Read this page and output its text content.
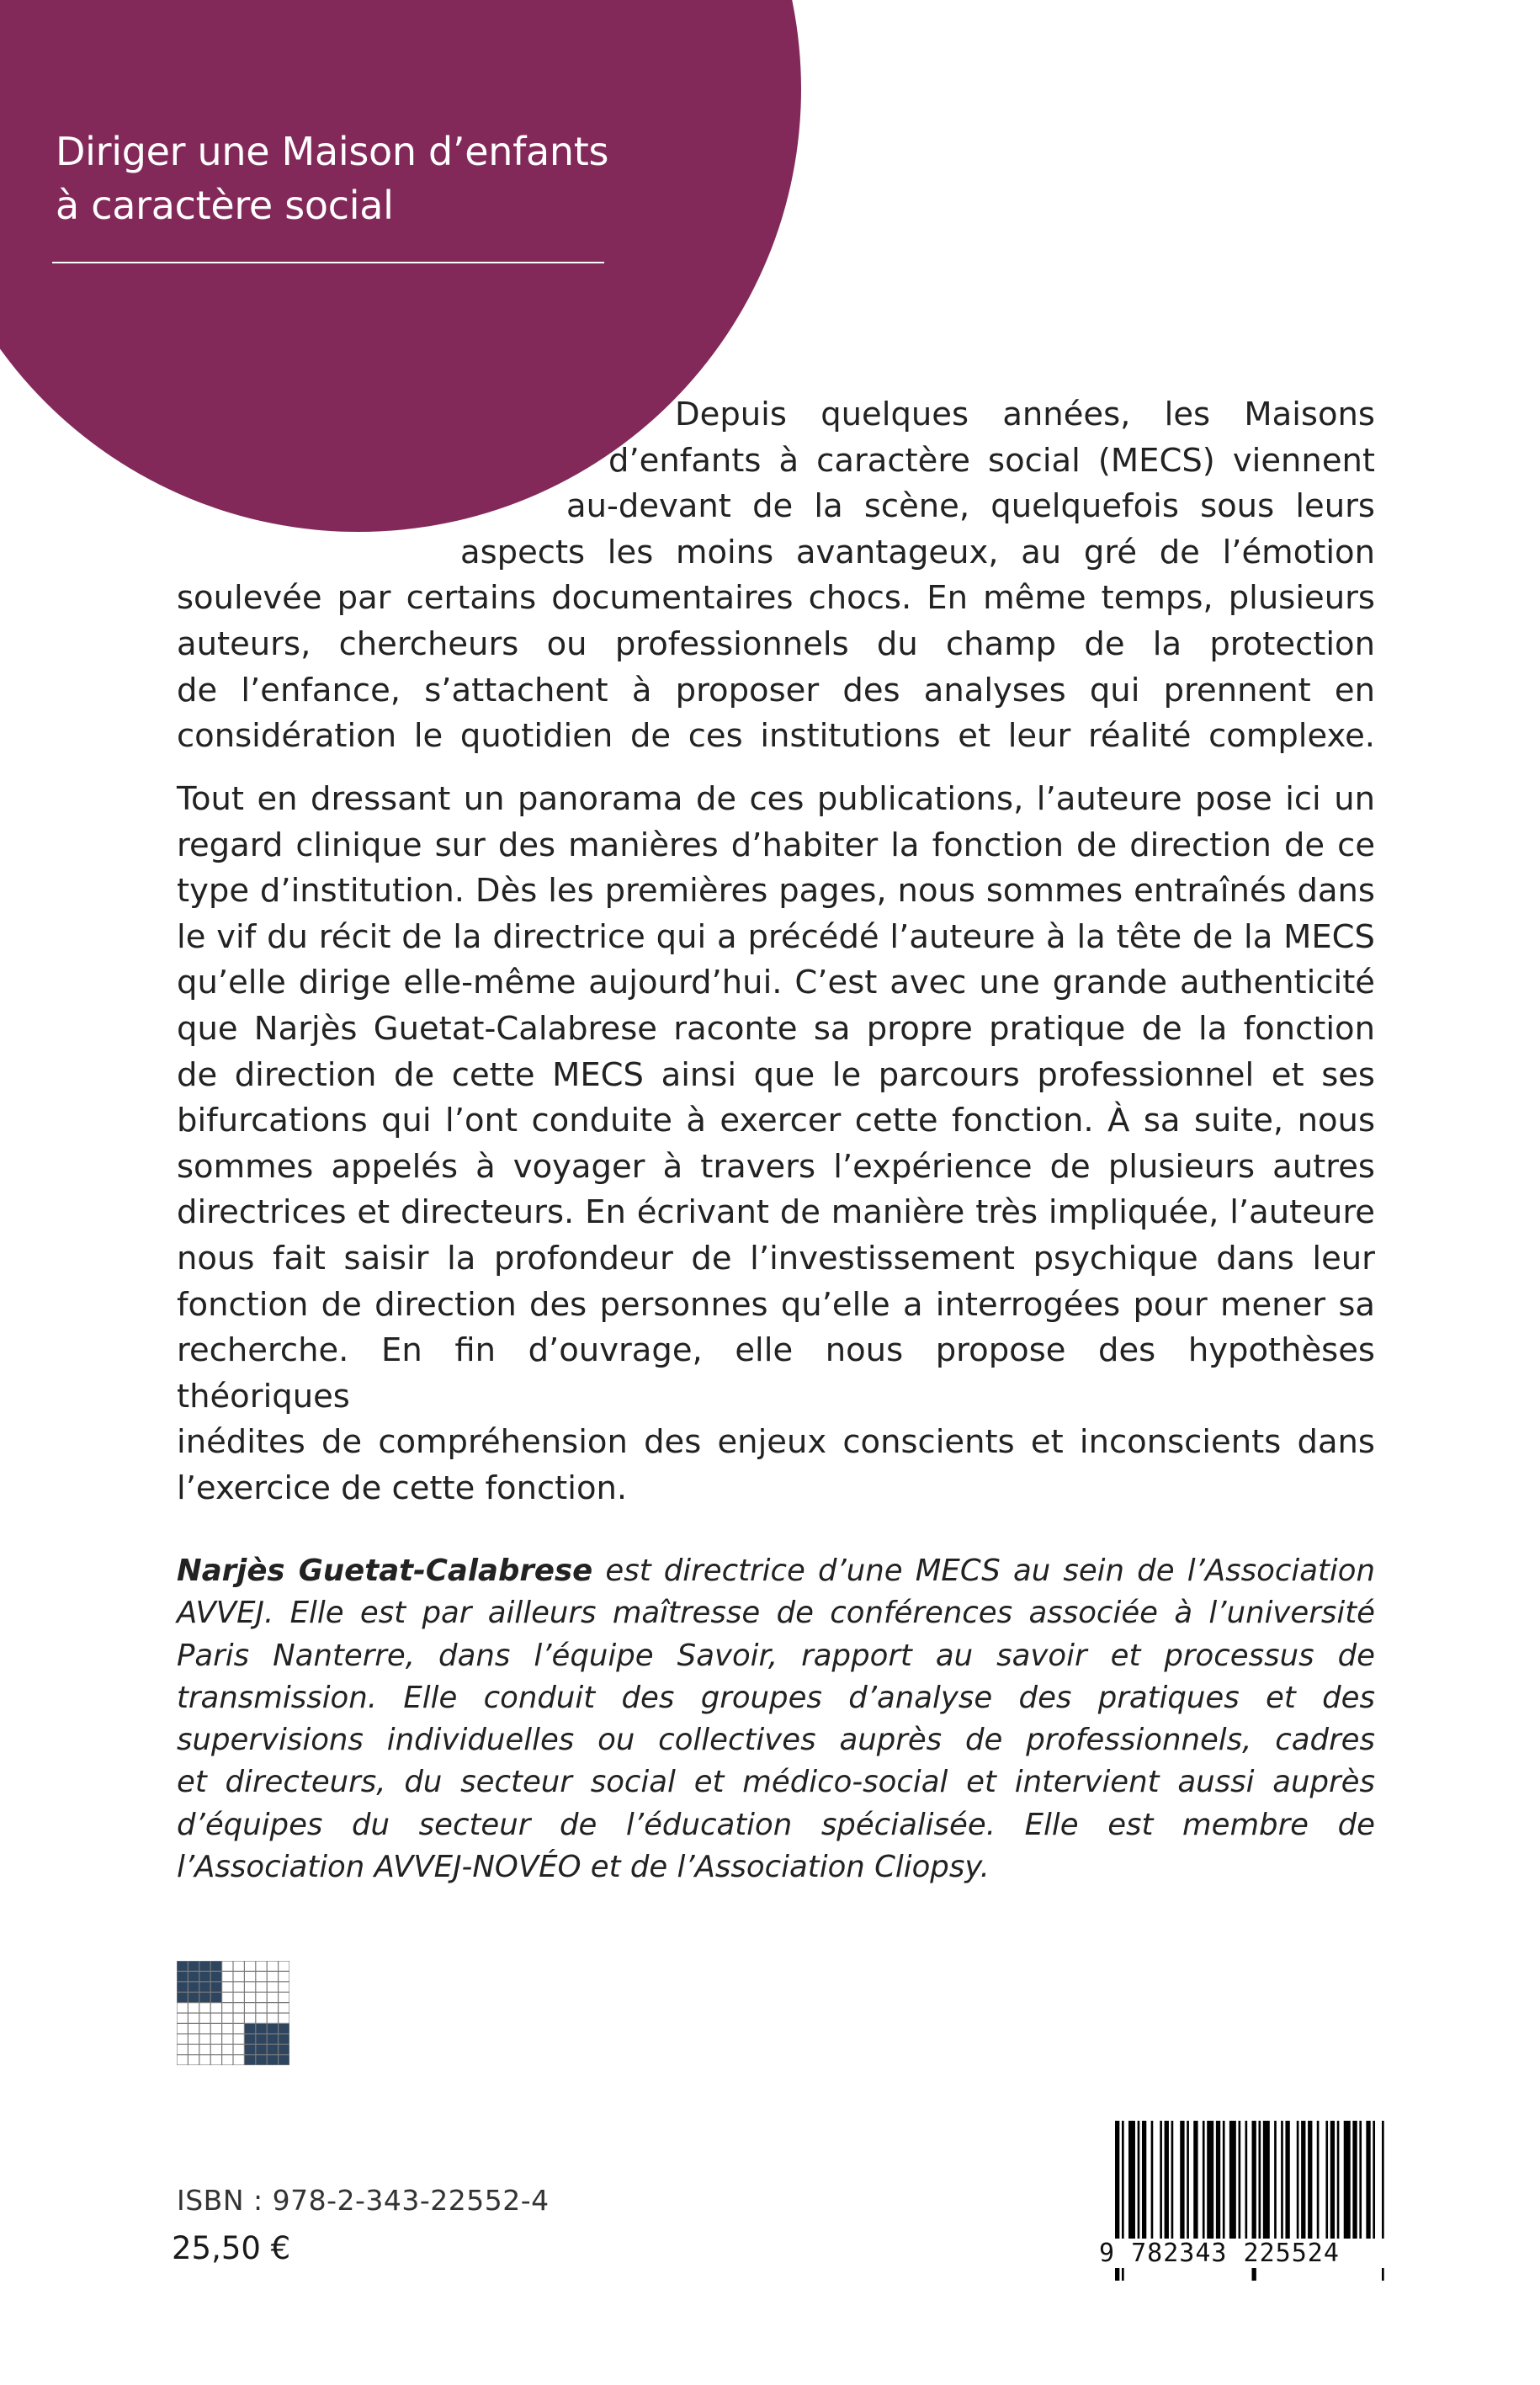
Diriger une Maison d’enfants
à caractère social
Depuis quelques années, les Maisons
d’enfants à caractère social (MECS) viennent
au-devant de la scène, quelquefois sous leurs
aspects les moins avantageux, au gré de l’émotion
soulevée par certains documentaires chocs. En même temps, plusieurs
auteurs, chercheurs ou professionnels du champ de la protection
de l’enfance, s’attachent à proposer des analyses qui prennent en
considération le quotidien de ces institutions et leur réalité complexe.
Tout en dressant un panorama de ces publications, l’auteure pose ici un
regard clinique sur des manières d’habiter la fonction de direction de ce
type d’institution. Dès les premières pages, nous sommes entraînés dans
le vif du récit de la directrice qui a précédé l’auteure à la tête de la MECS
qu’elle dirige elle-même aujourd’hui. C’est avec une grande authenticité
que Narjès Guetat-Calabrese raconte sa propre pratique de la fonction
de direction de cette MECS ainsi que le parcours professionnel et ses
bifurcations qui l’ont conduite à exercer cette fonction. À sa suite, nous
sommes appelés à voyager à travers l’expérience de plusieurs autres
directrices et directeurs. En écrivant de manière très impliquée, l’auteure
nous fait saisir la profondeur de l’investissement psychique dans leur
fonction de direction des personnes qu’elle a interrogées pour mener sa
recherche. En fin d’ouvrage, elle nous propose des hypothèses théoriques
inédites de compréhension des enjeux conscients et inconscients dans
l’exercice de cette fonction.
Narjès Guetat-Calabrese est directrice d’une MECS au sein de l’Association
AVVEJ. Elle est par ailleurs maîtresse de conférences associée à l’université
Paris Nanterre, dans l’équipe Savoir, rapport au savoir et processus de
transmission. Elle conduit des groupes d’analyse des pratiques et des
supervisions individuelles ou collectives auprès de professionnels, cadres
et directeurs, du secteur social et médico-social et intervient aussi auprès
d’équipes du secteur de l’éducation spécialisée. Elle est membre de
l’Association AVVEJ-NOVÉO et de l’Association Cliopsy.
ISBN : 978-2-343-22552-4
25,50 €	9 782343 225524
